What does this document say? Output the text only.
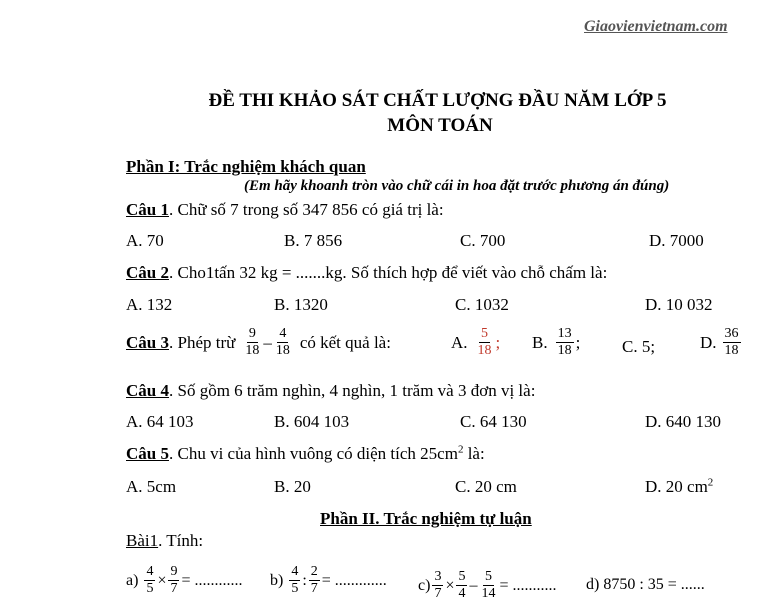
Giaovienvietnam.com
ĐỀ THI KHẢO SÁT CHẤT LƯỢNG ĐẦU NĂM LỚP 5
MÔN TOÁN
Phần I: Trắc nghiệm khách quan
(Em hãy khoanh tròn vào chữ cái in hoa đặt trước phương án đúng)
Câu 1. Chữ số 7 trong số 347 856 có giá trị là:
A. 70	B. 7 856	C. 700	D. 7000
Câu 2. Cho1tấn 32 kg = .......kg. Số thích hợp để viết vào chỗ chấm là:
A. 132	B. 1320	C. 1032	D. 10 032
Câu 3 . Phép trừ $\frac{9}{18} - \frac{4}{18}$ có kết quả là:	A. $\frac{5}{18}$ ; B. $\frac{13}{18}$ ; C. 5;	D. $\frac{36}{18}$
Câu 4. Số gồm 6 trăm nghìn, 4 nghìn, 1 trăm và 3 đơn vị là:
A. 64 103	B. 604 103	C. 64 130	D. 640 130
Câu 5. Chu vi của hình vuông có diện tích $25cm^2$ là:
A. 5cm	B. 20	C. 20 cm	D. 20 $cm^2$
Phần II. Trắc nghiệm tự luận
Bài1. Tính:
$a) \frac{4}{5} \times \frac{9}{7}$ = ............ $b) \frac{4}{5}$ : $\frac{2}{7}$ = ............. $c) \frac{3}{7} \times \frac{5}{4} - \frac{5}{14}$ = ........... d) 8750 : 35 = ......
